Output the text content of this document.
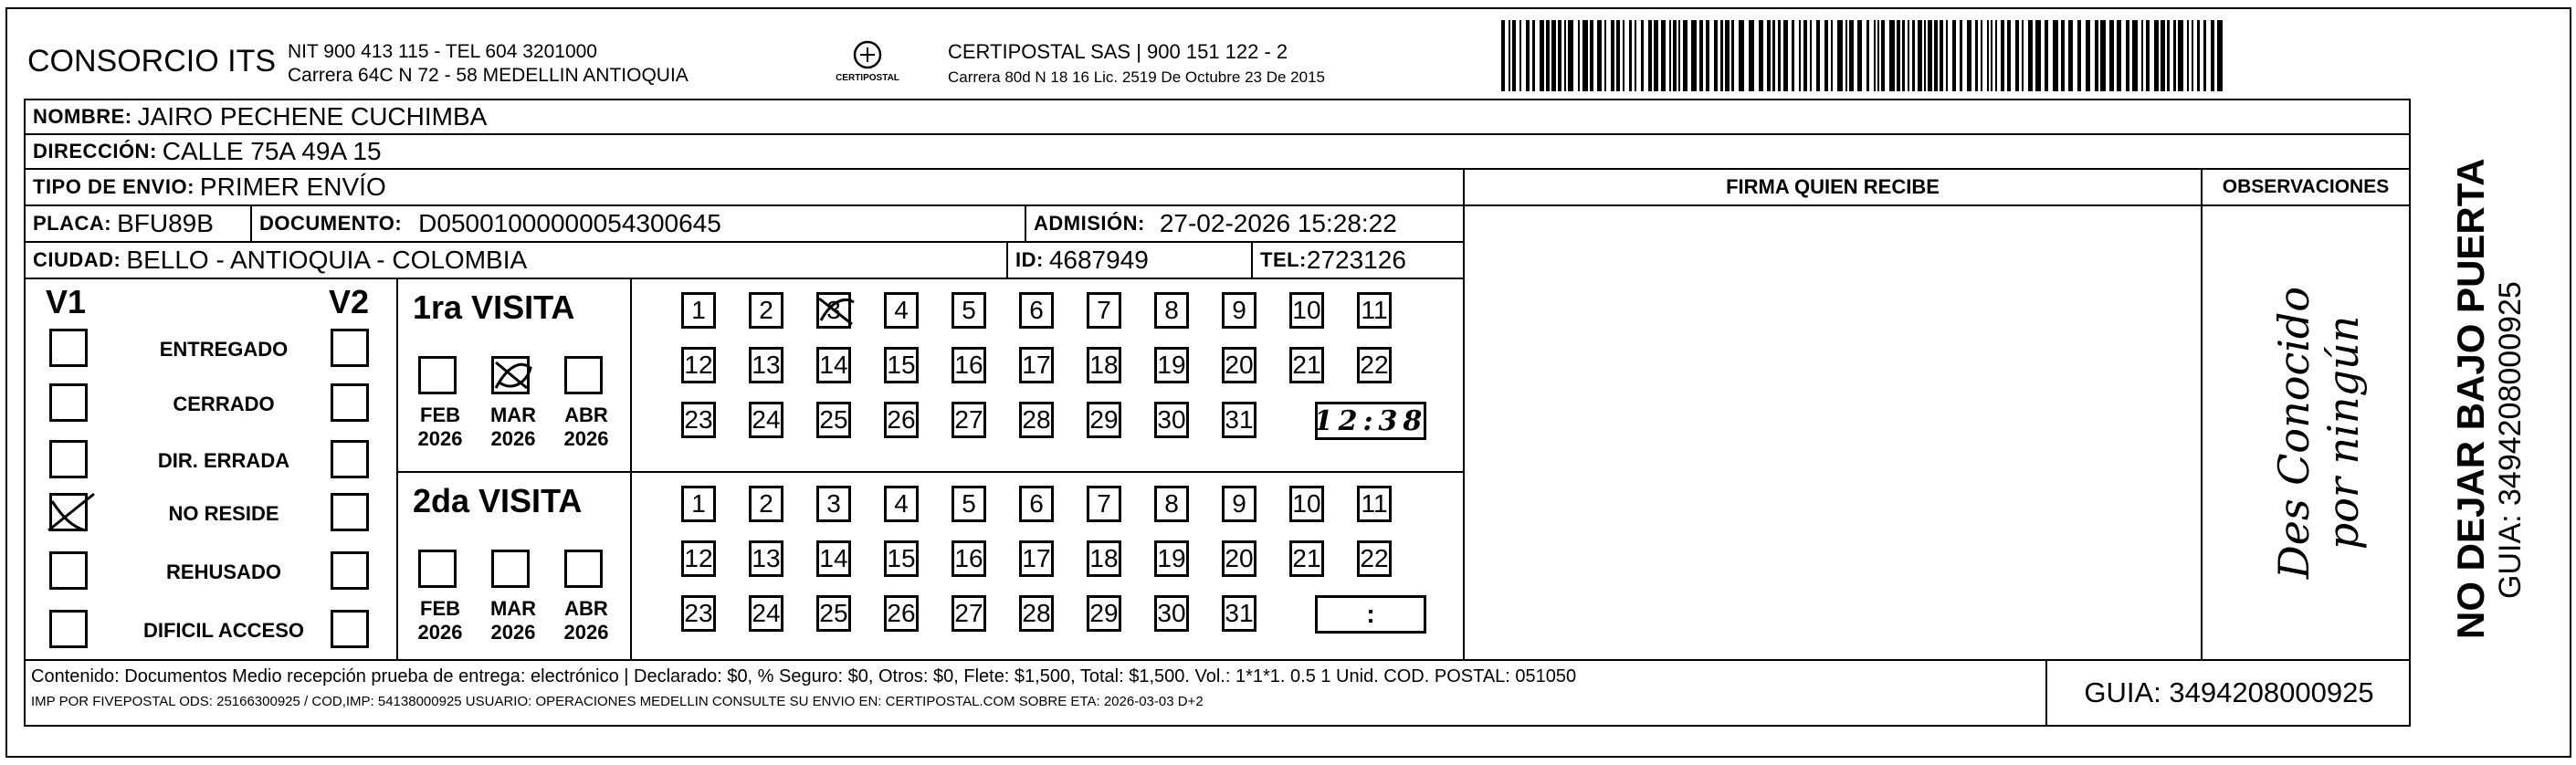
CONSORCIO ITS NIT 900 413 115 - TEL 604 3201000
Carrera 64C N 72 - 58 MEDELLIN ANTIOQUIA	CERTIPOSTAL
CERTIPOSTAL SAS | 900 151 122 - 2
Carrera 80d N 18 16 Lic. 2519 De Octubre 23 De 2015
NOMBRE: JAIRO PECHENE CUCHIMBA
DIRECCIÓN: CALLE 75A 49A 15
TIPO DE ENVIO: PRIMER ENVÍO	FIRMA QUIEN RECIBE	OBSERVACIONES
PLACA: BFU89B DOCUMENTO: D05001000000054300645	ADMISIÓN: 27-02-2026 15:28:22
CIUDAD: BELLO - ANTIOQUIA - COLOMBIA	ID: 4687949	TEL: 2723126
Des Conocido por ningún
V1	V2
ENTREGADO
CERRADO
DIR. ERRADA
NO RESIDE
REHUSADO
DIFICIL ACCESO
1ra VISITA
FEB
2026
MAR
2026
ABR
2026
1	2	3	4	5	6	7	8	9	10 11
12 13 14 15 16 17 18 19 20 21 22
23 24 25 26 27 28 29 30 31 12:38
2da VISITA
FEB
2026
MAR
2026
ABR
2026
1	2	3	4	5	6	7	8	9	10 11
12 13 14 15 16 17 18 19 20 21 22
23 24 25 26 27 28 29 30 31	:
Contenido: Documentos Medio recepción prueba de entrega: electrónico | Declarado: $0, % Seguro: $0, Otros: $0, Flete: $1,500, Total: $1,500. Vol.: 1*1*1. 0.5 1 Unid. COD. POSTAL: 051050
IMP POR FIVEPOSTAL ODS: 25166300925 / COD,IMP: 54138000925 USUARIO: OPERACIONES MEDELLIN CONSULTE SU ENVIO EN: CERTIPOSTAL.COM SOBRE ETA: 2026-03-03 D+2	GUIA: 3494208000925
NO DEJAR BAJO PUERTA GUIA: 3494208000925
